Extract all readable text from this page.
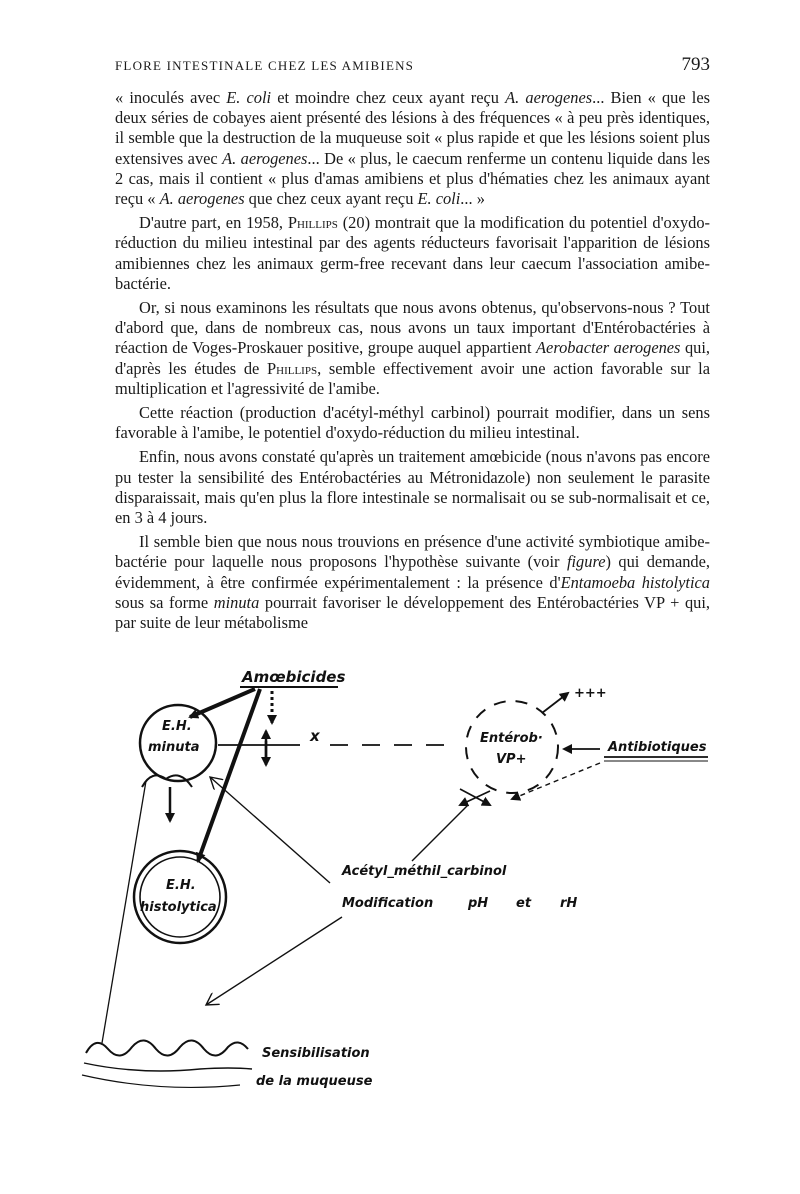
FLORE INTESTINALE CHEZ LES AMIBIENS	793

« inoculés avec E. coli et moindre chez ceux ayant reçu A. aerogenes... Bien « que les deux séries de cobayes aient présenté des lésions à des fréquences « à peu près identiques, il semble que la destruction de la muqueuse soit « plus rapide et que les lésions soient plus extensives avec A. aerogenes... De « plus, le caecum renferme un contenu liquide dans les 2 cas, mais il contient « plus d'amas amibiens et plus d'hématies chez les animaux ayant reçu « A. aerogenes que chez ceux ayant reçu E. coli... »

D'autre part, en 1958, Phillips (20) montrait que la modification du potentiel d'oxydo-réduction du milieu intestinal par des agents réducteurs favorisait l'apparition de lésions amibiennes chez les animaux germ-free recevant dans leur caecum l'association amibe-bactérie.

Or, si nous examinons les résultats que nous avons obtenus, qu'observons-nous ? Tout d'abord que, dans de nombreux cas, nous avons un taux important d'Entérobactéries à réaction de Voges-Proskauer positive, groupe auquel appartient Aerobacter aerogenes qui, d'après les études de Phillips, semble effectivement avoir une action favorable sur la multiplication et l'agressivité de l'amibe.

Cette réaction (production d'acétyl-méthyl carbinol) pourrait modifier, dans un sens favorable à l'amibe, le potentiel d'oxydo-réduction du milieu intestinal.

Enfin, nous avons constaté qu'après un traitement amœbicide (nous n'avons pas encore pu tester la sensibilité des Entérobactéries au Métronidazole) non seulement le parasite disparaissait, mais qu'en plus la flore intestinale se normalisait ou se sub-normalisait et ce, en 3 à 4 jours.

Il semble bien que nous nous trouvions en présence d'une activité symbiotique amibe-bactérie pour laquelle nous proposons l'hypothèse suivante (voir figure) qui demande, évidemment, à être confirmée expérimentalement : la présence d'Entamoeba histolytica sous sa forme minuta pourrait favoriser le développement des Entérobactéries VP + qui, par suite de leur métabolisme

Amœbicides
E.H.
minuta
x	Entérob·
VP+
+++
Antibiotiques
E.H.
histolytica
Acétyl_méthil_carbinol
Modification	pH et rH
Sensibilisation
de la muqueuse
